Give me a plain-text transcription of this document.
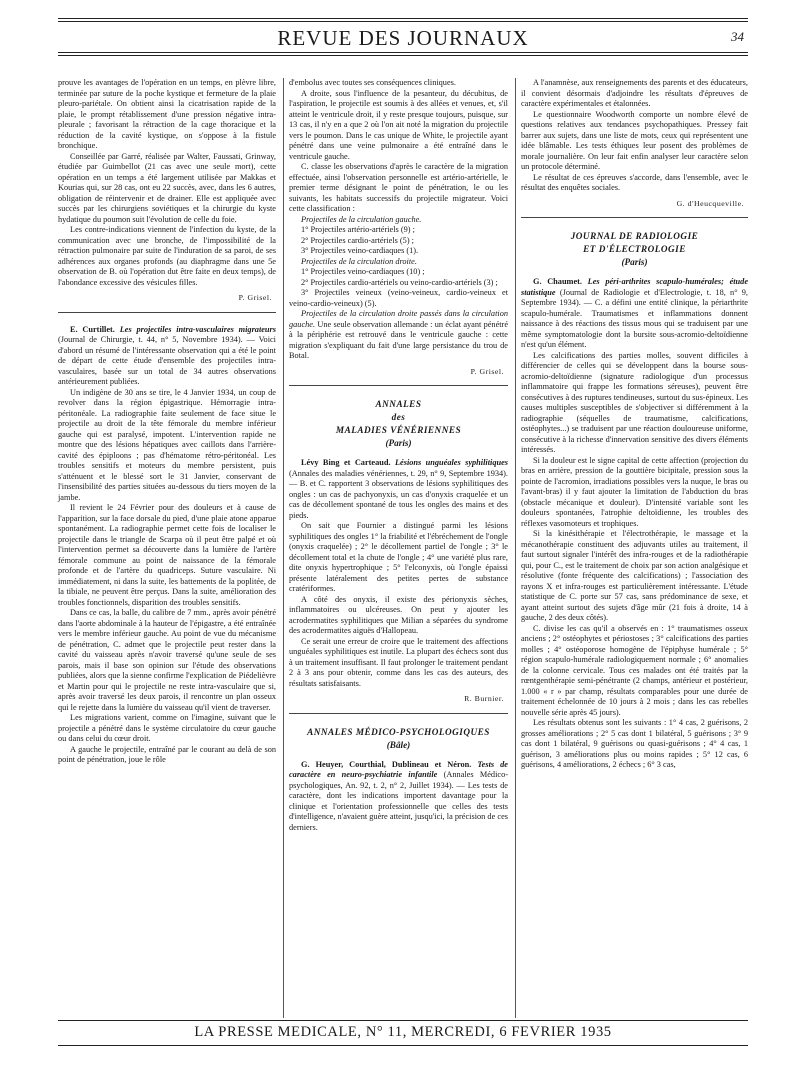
REVUE DES JOURNAUX	34

prouve les avantages de l'opération en un temps, en plèvre libre, terminée par suture de la poche kystique et fermeture de la plaie pleuro-pariétale. On obtient ainsi la cicatrisation rapide de la plaie, le prompt rétablissement d'une pression négative intra-pleurale ; favorisant la rétraction de la cage thoracique et la réduction de la cavité kystique, on s'oppose à la fistule bronchique.

Conseillée par Garré, réalisée par Walter, Faussati, Grinway, étudiée par Guimbellot (21 cas avec une seule mort), cette opération en un temps a été largement utilisée par Makkas et Kourias qui, sur 28 cas, ont eu 22 succès, avec, dans les 6 autres, obligation de réintervenir et de drainer. Elle est appliquée avec succès par les chirurgiens soviétiques et la chirurgie du kyste hydatique du poumon suit l'évolution de celle du foie.

Les contre-indications viennent de l'infection du kyste, de la communication avec une bronche, de l'impossibilité de la rétraction pulmonaire par suite de l'induration de sa paroi, de ses adhérences aux organes profonds (au diaphragme dans une 5e observation de B. où l'opération dut être faite en deux temps), de l'abondance excessive des vésicules filles.

P. Grisel.

E. Curtillet. Les projectiles intra-vasculaires migrateurs (Journal de Chirurgie, t. 44, n° 5, Novembre 1934). — Voici d'abord un résumé de l'intéressante observation qui a été le point de départ de cette étude d'ensemble des projectiles intra-vasculaires, basée sur un total de 34 autres observations antérieurement publiées.

Un indigène de 30 ans se tire, le 4 Janvier 1934, un coup de revolver dans la région épigastrique. Hémorragie intra-péritonéale. La radiographie faite seulement de face situe le projectile au droit de la tête fémorale du membre inférieur gauche qui est paralysé, impotent. L'intervention rapide ne montre que des lésions hépatiques avec caillots dans l'arrière-cavité des épiploons ; pas d'hématome rétro-péritonéal. Les troubles sensitifs et moteurs du membre persistent, puis s'atténuent et le blessé sort le 31 Janvier, conservant de l'insensibilité des parties situées au-dessous du tiers moyen de la jambe.

Il revient le 24 Février pour des douleurs et à cause de l'apparition, sur la face dorsale du pied, d'une plaie atone apparue spontanément. La radiographie permet cette fois de localiser le projectile dans le triangle de Scarpa où il peut être palpé et où l'intervention permet sa découverte dans la lumière de l'artère fémorale commune au point de naissance de la fémorale profonde et de l'artère du quadriceps. Suture vasculaire. Ni immédiatement, ni dans la suite, les battements de la poplitée, de la tibiale, ne peuvent être perçus. Dans la suite, amélioration des troubles fonctionnels, disparition des troubles sensitifs.

Dans ce cas, la balle, du calibre de 7 mm., après avoir pénétré dans l'aorte abdominale à la hauteur de l'épigastre, a été entraînée vers le membre inférieur gauche. Au point de vue du mécanisme de pénétration, C. admet que le projectile peut rester dans la cavité du vaisseau après n'avoir traversé qu'une seule de ses parois, mais il base son opinion sur l'étude des observations publiées, alors que la sienne confirme l'explication de Piédelièvre et Martin pour qui le projectile ne reste intra-vasculaire que si, après avoir traversé les deux parois, il rencontre un plan osseux qui le rejette dans la lumière du vaisseau qu'il vient de traverser.

Les migrations varient, comme on l'imagine, suivant que le projectile a pénétré dans le système circulatoire du cœur gauche ou dans celui du cœur droit.

A gauche le projectile, entraîné par le courant au delà de son point de pénétration, joue le rôle

d'embolus avec toutes ses conséquences cliniques.

A droite, sous l'influence de la pesanteur, du décubitus, de l'aspiration, le projectile est soumis à des allées et venues, et, s'il atteint le ventricule droit, il y reste presque toujours, puisque, sur 13 cas, il n'y en a que 2 où l'on ait noté la migration du projectile vers le poumon. Dans le cas unique de White, le projectile ayant pénétré dans une veine pulmonaire a été entraîné dans le ventricule gauche.

C. classe les observations d'après le caractère de la migration effectuée, ainsi l'observation personnelle est artério-artérielle, le premier terme désignant le point de pénétration, le ou les suivants, les habitats successifs du projectile migrateur. Voici cette classification :

Projectiles de la circulation gauche.

1° Projectiles artério-artériels (9) ;

2° Projectiles cardio-artériels (5) ;

3° Projectiles veino-cardiaques (1).

Projectiles de la circulation droite.

1° Projectiles veino-cardiaques (10) ;

2° Projectiles cardio-artériels ou veino-cardio-artériels (3) ;

3° Projectiles veineux (veino-veineux, cardio-veineux et veino-cardio-veineux) (5).

Projectiles de la circulation droite passés dans la circulation gauche. Une seule observation allemande : un éclat ayant pénétré à la périphérie est retrouvé dans le ventricule gauche : cette migration s'expliquant du fait d'une large persistance du trou de Botal.

P. Grisel.
ANNALES
des
MALADIES VÉNÉRIENNES
(Paris)

Lévy Bing et Carteaud. Lésions unguéales syphilitiques (Annales des maladies vénériennes, t. 29, n° 9, Septembre 1934). — B. et C. rapportent 3 observations de lésions syphilitiques des ongles : un cas de pachyonyxis, un cas d'onyxis craquelée et un cas de décollement spontané de tous les ongles des mains et des pieds.

On sait que Fournier a distingué parmi les lésions syphilitiques des ongles 1° la friabilité et l'ébréchement de l'ongle (onyxis craquelée) ; 2° le décollement partiel de l'ongle ; 3° le décollement total et la chute de l'ongle ; 4° une variété plus rare, dite onyxis hypertrophique ; 5° l'elconyxis, où l'ongle épaissi présente latéralement des petites pertes de substance cratériformes.

A côté des onyxis, il existe des périonyxis sèches, inflammatoires ou ulcéreuses. On peut y ajouter les acrodermatites syphilitiques que Milian a séparées du syndrome des acrodermatites aiguës d'Hallopeau.

Ce serait une erreur de croire que le traitement des affections unguéales syphilitiques est inutile. La plupart des échecs sont dus à un traitement insuffisant. Il faut prolonger le traitement pendant 2 à 3 ans pour obtenir, comme dans les cas des auteurs, des résultats satisfaisants.

R. Burnier.
ANNALES MÉDICO-PSYCHOLOGIQUES
(Bâle)

G. Heuyer, Courthial, Dublineau et Néron. Tests de caractère en neuro-psychiatrie infantile (Annales Médico-psychologiques, An. 92, t. 2, n° 2, Juillet 1934). — Les tests de caractère, dont les indications importent davantage pour la clinique et l'orientation professionnelle que celles des tests d'intelligence, n'avaient guère atteint, jusqu'ici, la précision de ces derniers.

A l'anamnèse, aux renseignements des parents et des éducateurs, il convient désormais d'adjoindre les résultats d'épreuves de caractère expérimentales et étalonnées.

Le questionnaire Woodworth comporte un nombre élevé de questions relatives aux tendances psychopathiques. Pressey fait barrer aux sujets, dans une liste de mots, ceux qui représentent une idée blâmable. Les tests éthiques leur posent des problèmes de morale journalière. On leur fait enfin analyser leur caractère selon un protocole déterminé.

Le résultat de ces épreuves s'accorde, dans l'ensemble, avec le résultat des enquêtes sociales.

G. d'Heucqueville.
JOURNAL DE RADIOLOGIE
ET D'ÉLECTROLOGIE
(Paris)

G. Chaumet. Les péri-arthrites scapulo-humérales; étude statistique (Journal de Radiologie et d'Electrologie, t. 18, n° 9, Septembre 1934). — C. a défini une entité clinique, la périarthrite scapulo-humérale. Traumatismes et inflammations donnent naissance à des réactions des tissus mous qui se traduisent par une même symptomatologie dont la bursite sous-acromio-deltoïdienne n'est qu'un élément.

Les calcifications des parties molles, souvent difficiles à différencier de celles qui se développent dans la bourse sous-acromio-deltoïdienne (signature radiologique d'un processus inflammatoire qui frappe les formations séreuses), peuvent être consécutives à des ruptures tendineuses, surtout du sus-épineux. Les causes multiples susceptibles de s'objectiver si différemment à la radiographie (séquelles de traumatisme, calcifications, ostéophytes...) se traduisent par une réaction douloureuse uniforme, consécutive à la richesse d'innervation sensitive des divers éléments intéressés.

Si la douleur est le signe capital de cette affection (projection du bras en arrière, pression de la gouttière bicipitale, pression sous la pointe de l'acromion, irradiations possibles vers la nuque, le bras ou l'avant-bras) il y faut ajouter la limitation de l'abduction du bras (obstacle mécanique et douleur). D'intensité variable sont les douleurs spontanées, l'atrophie deltoïdienne, les troubles des réflexes vasomoteurs et trophiques.

Si la kinésithérapie et l'électrothérapie, le massage et la mécanothérapie constituent des adjuvants utiles au traitement, il faut surtout signaler l'intérêt des infra-rouges et de la radiothérapie qui, pour C., est le traitement de choix par son action analgésique et résolutive (fonte fréquente des calcifications) ; l'association des rayons X et infra-rouges est particulièrement intéressante. L'étude statistique de C. porte sur 57 cas, sans prédominance de sexe, et ayant atteint surtout des sujets d'âge mûr (21 fois à droite, 14 à gauche, 2 des deux côtés).

C. divise les cas qu'il a observés en : 1° traumatismes osseux anciens ; 2° ostéophytes et périostoses ; 3° calcifications des parties molles ; 4° ostéoporose homogène de l'épiphyse humérale ; 5° région scapulo-humérale radiologiquement normale ; 6° anomalies de la colonne cervicale. Tous ces malades ont été traités par la rœntgenthérapie semi-pénétrante (2 champs, antérieur et postérieur, 1.000 « r » par champ, résultats comparables pour une durée de traitement échelonnée de 10 jours à 2 mois ; dans les cas rebelles nouvelle série après 45 jours).

Les résultats obtenus sont les suivants : 1° 4 cas, 2 guérisons, 2 grosses améliorations ; 2° 5 cas dont 1 bilatéral, 5 guérisons ; 3° 9 cas dont 1 bilatéral, 9 guérisons ou quasi-guérisons ; 4° 4 cas, 1 guérison, 3 améliorations plus ou moins rapides ; 5° 12 cas, 6 guérisons, 4 améliorations, 2 échecs ; 6° 3 cas,

LA PRESSE MEDICALE, N° 11, MERCREDI, 6 FEVRIER 1935
